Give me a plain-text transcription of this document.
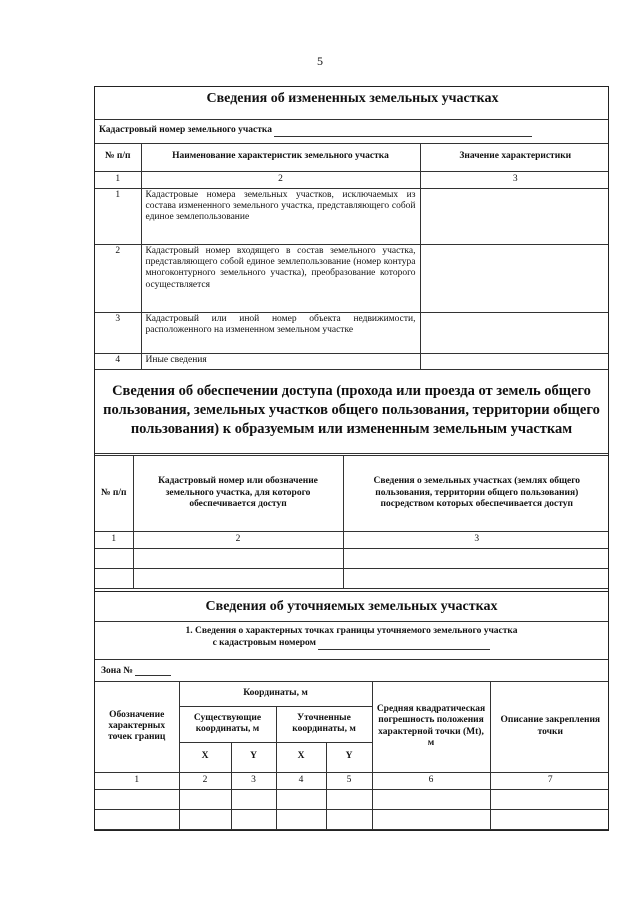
5
Сведения об измененных земельных участках		
Кадастровый номер земельного участка		
№ п/п	Наименование характеристик земельного участка	Значение характеристики
1	2	3
1	Кадастровые номера земельных участков, исключаемых из состава измененного земельного участка, представляющего собой единое землепользование	
2	Кадастровый номер входящего в состав земельного участка, представляющего собой единое землепользование (номер контура многоконтурного земельного участка), преобразование которого осуществляется	
3	Кадастровый или иной номер объекта недвижимости, расположенного на измененном земельном участке	
4	Иные сведения	
Сведения об обеспечении доступа (прохода или проезда от земель общего пользования, земельных участков общего пользования, территории общего пользования) к образуемым или измененным земельным участкам
№ п/п	Кадастровый номер или обозначение земельного участка, для которого обеспечивается доступ	Сведения о земельных участках (землях общего пользования, территории общего пользования) посредством которых обеспечивается доступ
1	2	3

Сведения об уточняемых земельных участках
1. Сведения о характерных точках границы уточняемого земельного участка
с кадастровым номером
Зона №
Обозначение характерных точек границ	Координаты, м				Средняя квадратическая погрешность положения характерной точки (Mt), м	Описание закрепления точки
	Существующие координаты, м		Уточненные координаты, м			
	X	Y	X	Y		
1	2	3	4	5	6	7
